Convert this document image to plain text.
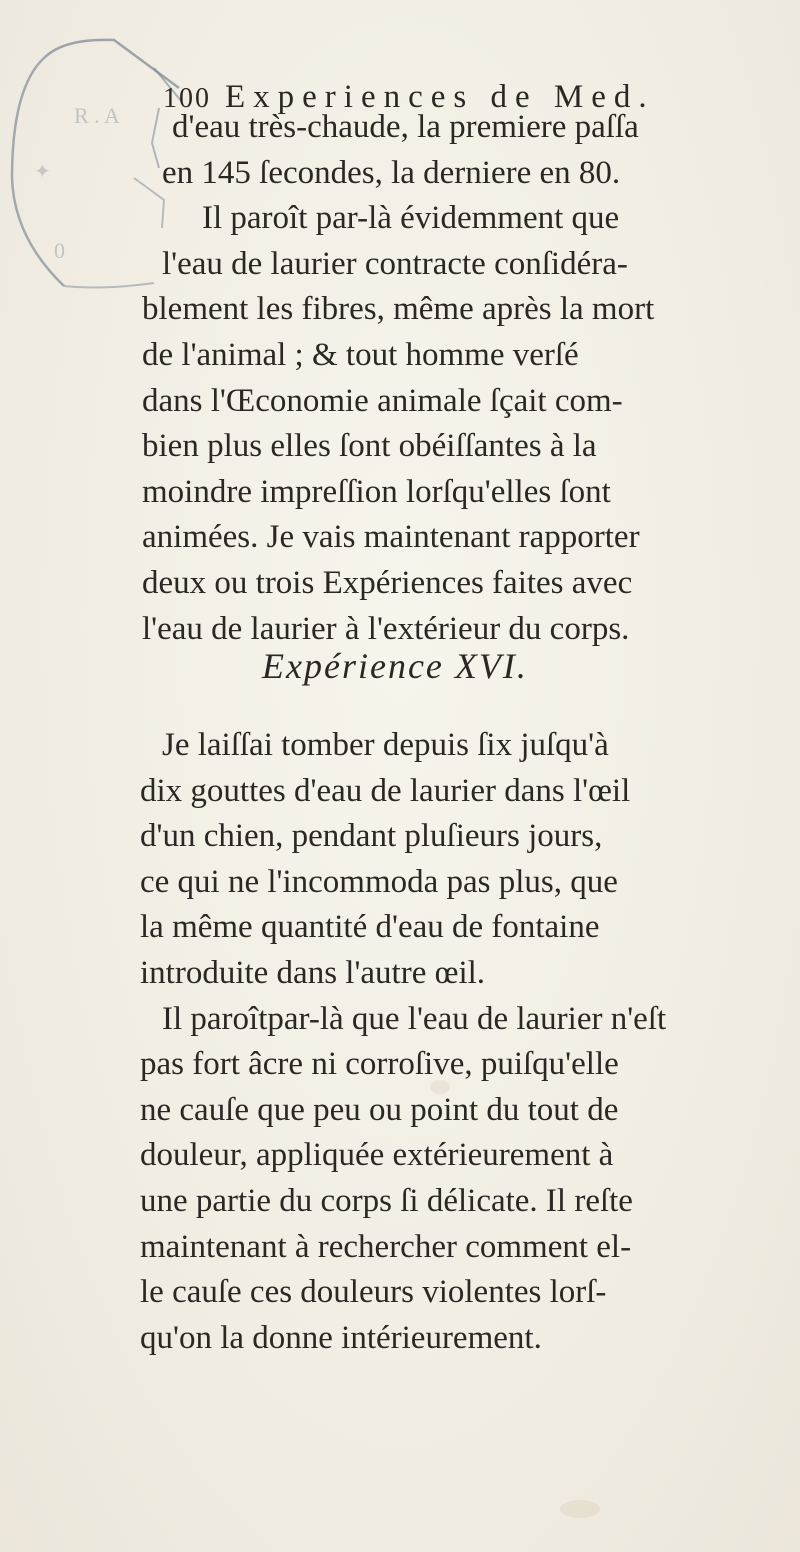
R . A
✦
0
100 Experiences de Med.
d'eau très-chaude, la premiere paſſa
en 145 ſecondes, la derniere en 80.
Il paroît par-là évidemment que
l'eau de laurier contracte conſidéra-
blement les fibres, même après la mort
de l'animal ; & tout homme verſé
dans l'Œconomie animale ſçait com-
bien plus elles ſont obéiſſantes à la
moindre impreſſion lorſqu'elles ſont
animées. Je vais maintenant rapporter
deux ou trois Expériences faites avec
l'eau de laurier à l'extérieur du corps.
Expérience XVI.
Je laiſſai tomber depuis ſix juſqu'à
dix gouttes d'eau de laurier dans l'œil
d'un chien, pendant pluſieurs jours,
ce qui ne l'incommoda pas plus, que
la même quantité d'eau de fontaine
introduite dans l'autre œil.
Il paroîtpar-là que l'eau de laurier n'eſt
pas fort âcre ni corroſive, puiſqu'elle
ne cauſe que peu ou point du tout de
douleur, appliquée extérieurement à
une partie du corps ſi délicate. Il reſte
maintenant à rechercher comment el-
le cauſe ces douleurs violentes lorſ-
qu'on la donne intérieurement.
